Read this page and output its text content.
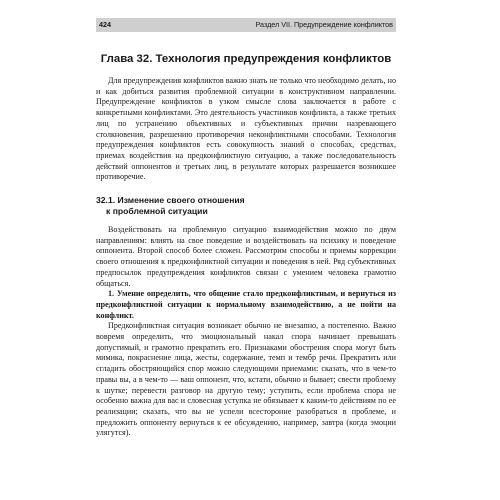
424	Раздел VII. Предупреждение конфликтов
Глава 32. Технология предупреждения конфликтов

Для предупреждения конфликтов важно знать не только что необходимо делать, но и как добиться развития проблемной ситуации в конструктивном направлении. Предупреждение конфликтов в узком смысле слова заключается в работе с конкретными конфликтами. Это деятельность участников конфликта, а также третьих лиц по устранению объективных и субъективных причин назревающего столкновения, разрешению противоречия неконфликтными способами. Технология предупреждения конфликтов есть совокупность знаний о способах, средствах, приемах воздействия на предконфликтную ситуацию, а также последовательность действий оппонентов и третьих лиц, в результате которых разрешается возникшее противоречие.

32.1. Изменение своего отношения
к проблемной ситуации

Воздействовать на проблемную ситуацию взаимодействия можно по двум направлениям: влиять на свое поведение и воздействовать на психику и поведение оппонента. Второй способ более сложен. Рассмотрим способы и приемы коррекции своего отношения к предконфликтной ситуации и поведения в ней. Ряд субъективных предпосылок предупреждения конфликтов связан с умением человека грамотно общаться.

1. Умение определить, что общение стало предконфликтным, и вернуться из предконфликтной ситуации к нормальному взаимодействию, а не пойти на конфликт.

Предконфликтная ситуация возникает обычно не внезапно, а постепенно. Важно вовремя определить, что эмоциональный накал спора начинает превышать допустимый, и грамотно прекратить его. Признаками обострения спора могут быть мимика, покраснение лица, жесты, содержание, темп и тембр речи. Прекратить или сгладить обостряющийся спор можно следующими приемами: сказать, что в чем-то правы вы, а в чем-то — ваш оппонент, что, кстати, обычно и бывает; свести проблему к шутке; перевести разговор на другую тему; уступить, если проблема спора не особенно важна для вас и словесная уступка не обязывает к каким-то действиям по ее реализации; сказать, что вы не успели всесторонне разобраться в проблеме, и предложить оппоненту вернуться к ее обсуждению, например, завтра (когда эмоции улягутся).
